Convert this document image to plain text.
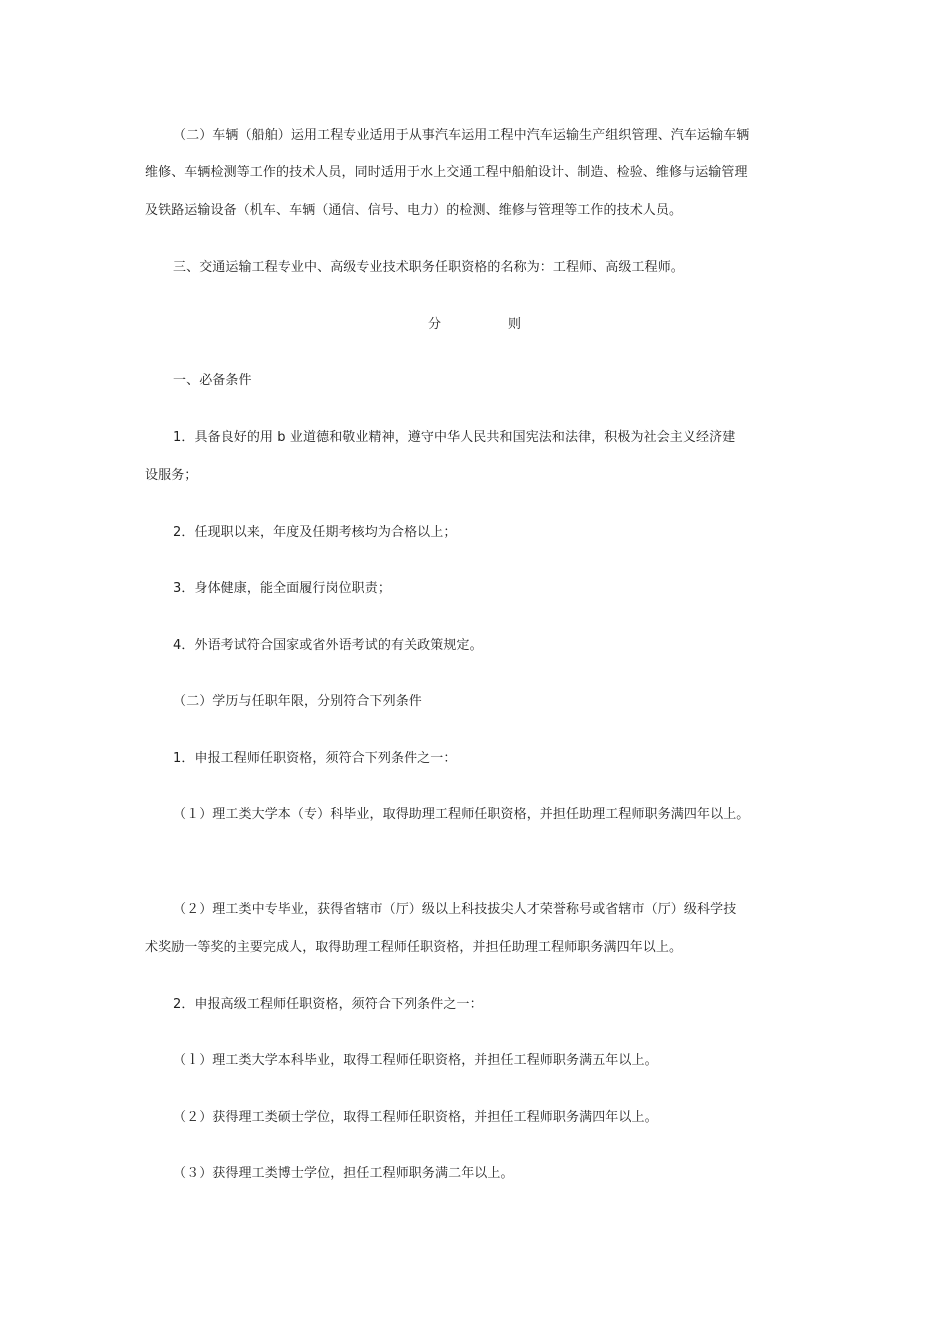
（二）车辆（船舶）运用工程专业适用于从事汽车运用工程中汽车运输生产组织管理、汽车运输车辆
维修、车辆检测等工作的技术人员，同时适用于水上交通工程中船舶设计、制造、检验、维修与运输管理
及铁路运输设备（机车、车辆（通信、信号、电力）的检测、维修与管理等工作的技术人员。
三、交通运输工程专业中、高级专业技术职务任职资格的名称为：工程师、高级工程师。
分	则
一、必备条件
1．具备良好的用 b 业道德和敬业精神，遵守中华人民共和国宪法和法律，积极为社会主义经济建
设服务；
2．任现职以来，年度及任期考核均为合格以上；
3．身体健康，能全面履行岗位职责；
4．外语考试符合国家或省外语考试的有关政策规定。
（二）学历与任职年限，分别符合下列条件
1．申报工程师任职资格，须符合下列条件之一：
（１）理工类大学本（专）科毕业，取得助理工程师任职资格，并担任助理工程师职务满四年以上。
（２）理工类中专毕业，获得省辖市（厅）级以上科技拔尖人才荣誉称号或省辖市（厅）级科学技
术奖励一等奖的主要完成人，取得助理工程师任职资格，并担任助理工程师职务满四年以上。
2．申报高级工程师任职资格，须符合下列条件之一：
（ｌ）理工类大学本科毕业，取得工程师任职资格，并担任工程师职务满五年以上。
（２）获得理工类硕士学位，取得工程师任职资格，并担任工程师职务满四年以上。
（３）获得理工类博士学位，担任工程师职务满二年以上。
